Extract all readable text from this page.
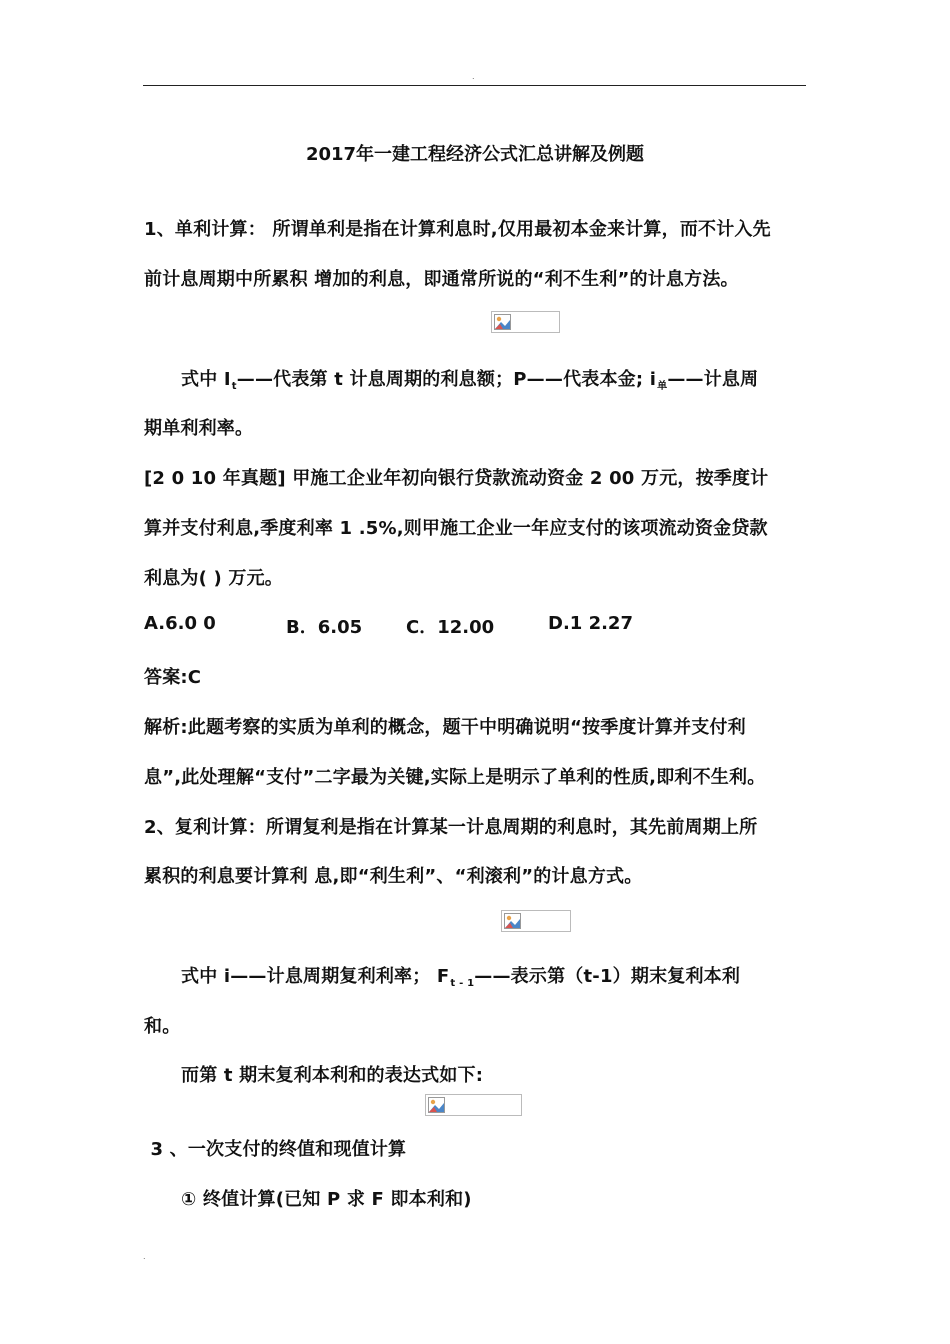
.
2017年一建工程经济公式汇总讲解及例题
1、单利计算： 所谓单利是指在计算利息时,仅用最初本金来计算，而不计入先
前计息周期中所累积 增加的利息，即通常所说的“利不生利”的计息方法。
式中 $I_t——$代表第 t 计息周期的利息额；P——代表本金; $i_单——$计息周
期单利利率。
[2 0 10 年真题] 甲施工企业年初向银行贷款流动资金 2 00 万元，按季度计
算并支付利息,季度利率 1 .5%,则甲施工企业一年应支付的该项流动资金贷款
利息为( ) 万元。
A.6.0 0	B．6.05 C．12.00	D.1 2.27
答案:C
解析:此题考察的实质为单利的概念，题干中明确说明“按季度计算并支付利
息”,此处理解“支付”二字最为关键,实际上是明示了单利的性质,即利不生利。
2、复利计算：所谓复利是指在计算某一计息周期的利息时，其先前周期上所
累积的利息要计算利 息,即“利生利”、“利滚利”的计息方式。
式中 i——计息周期复利利率； $F_{t - 1}——$表示第（t-1）期末复利本利
和。
而第 t 期末复利本利和的表达式如下:
3 、一次支付的终值和现值计算
① 终值计算(已知 P 求 F 即本利和)
.
